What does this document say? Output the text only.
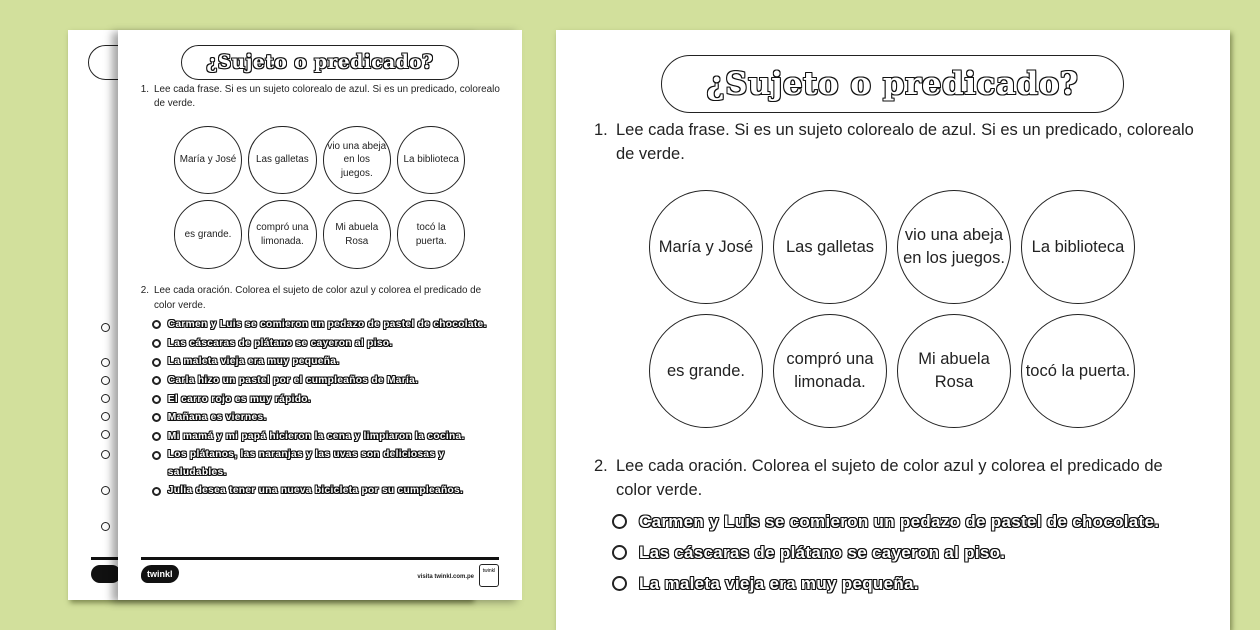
¿Sujeto o predicado?
1. Lee cada frase. Si es un sujeto colorealo de azul. Si es un predicado, colorealo de verde.
María y José	Las galletas
vio una abeja en los juegos.
La biblioteca
es grande.
compró una limonada.
Mi abuela Rosa
tocó la puerta.
2. Lee cada oración. Colorea el sujeto de color azul y colorea el predicado de color verde.
Carmen y Luis se comieron un pedazo de pastel de chocolate.
Las cáscaras de plátano se cayeron al piso.
La maleta vieja era muy pequeña.
Carla hizo un pastel por el cumpleaños de María.
El carro rojo es muy rápido.
Mañana es viernes.
Mi mamá y mi papá hicieron la cena y limpiaron la cocina.
Los plátanos, las naranjas y las uvas son deliciosas y saludables.
Julia desea tener una nueva bicicleta por su cumpleaños.
twinkl	visita twinkl.com.pe
twinkl
¿Sujeto o predicado?
1. Lee cada frase. Si es un sujeto colorealo de azul. Si es un predicado, colorealo de verde.
María y José	Las galletas
vio una abeja en los juegos.
La biblioteca
es grande.
compró una limonada.
Mi abuela Rosa
tocó la puerta.
2. Lee cada oración. Colorea el sujeto de color azul y colorea el predicado de color verde.
Carmen y Luis se comieron un pedazo de pastel de chocolate.
Las cáscaras de plátano se cayeron al piso.
La maleta vieja era muy pequeña.
